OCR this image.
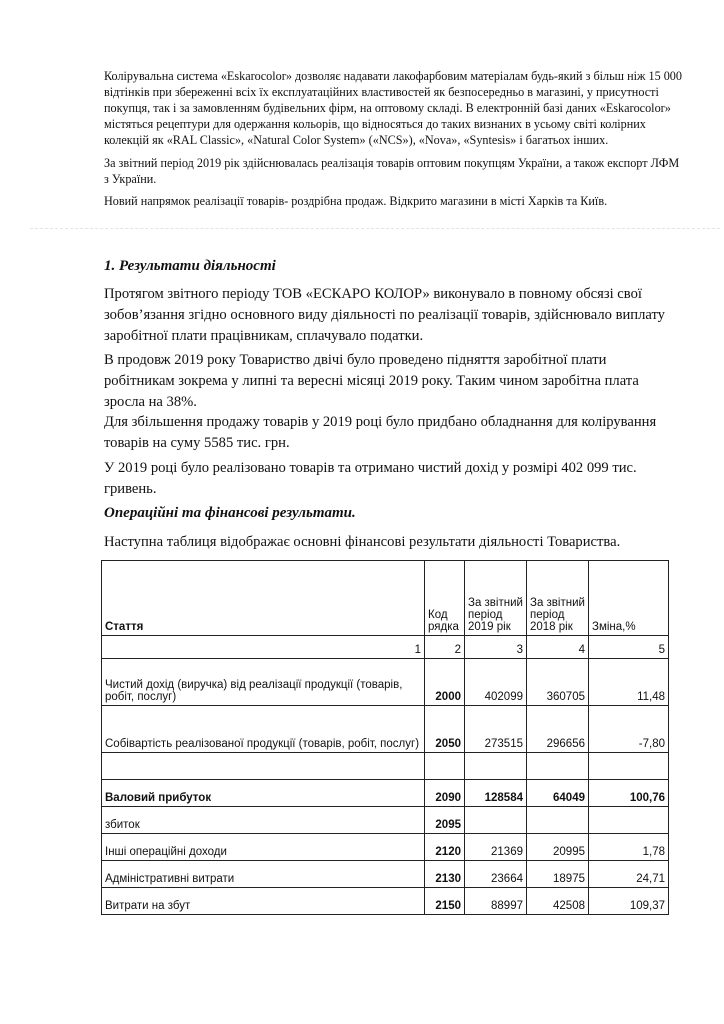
Колірувальна система «Eskarocolor» дозволяє надавати лакофарбовим матеріалам будь-який з більш ніж 15 000 відтінків при збереженні всіх їх експлуатаційних властивостей як безпосередньо в магазині, у присутності покупця, так і за замовленням будівельних фірм, на оптовому складі. В електронній базі даних «Eskarocolor» містяться рецептури для одержання кольорів, що відносяться до таких визнаних в усьому світі колірних колекцій як «RAL Classic», «Natural Color System» («NCS»), «Nova», «Syntesis» і багатьох інших.

За звітний період 2019 рік здійснювалась реалізація товарів оптовим покупцям України, а також експорт ЛФМ з України.

Новий напрямок реалізації товарів- роздрібна продаж. Відкрито магазини в місті Харків та Київ.

1. Результати діяльності

Протягом звітного періоду ТОВ «ЕСКАРО КОЛОР» виконувало в повному обсязі свої зобов’язання згідно основного виду діяльності по реалізації товарів, здійснювало виплату заробітної плати працівникам, сплачувало податки.

В продовж 2019 року Товариство двічі було проведено підняття заробітної плати робітникам зокрема у липні та вересні місяці 2019 року. Таким чином заробітна плата зросла на 38%.

Для збільшення продажу товарів у 2019 році було придбано обладнання для колірування товарів на суму 5585 тис. грн.

У 2019 році було реалізовано товарів та отримано чистий дохід у розмірі 402 099 тис. гривень.

Операційні та фінансові результати.

Наступна таблиця відображає основні фінансові результати діяльності Товариства.

Стаття	Код рядка	За звітний період 2019 рік	За звітний період 2018 рік	Зміна,%
1	2	3	4	5
Чистий дохід (виручка) від реалізації продукції (товарів, робіт, послуг)	2000	402099	360705	11,48
Собівартість реалізованої продукції (товарів, робіт, послуг)	2050	273515	296656	-7,80

Валовий прибуток	2090	128584	64049	100,76
збиток	2095			
Інші операційні доходи	2120	21369	20995	1,78
Адміністративні витрати	2130	23664	18975	24,71
Витрати на збут	2150	88997	42508	109,37
